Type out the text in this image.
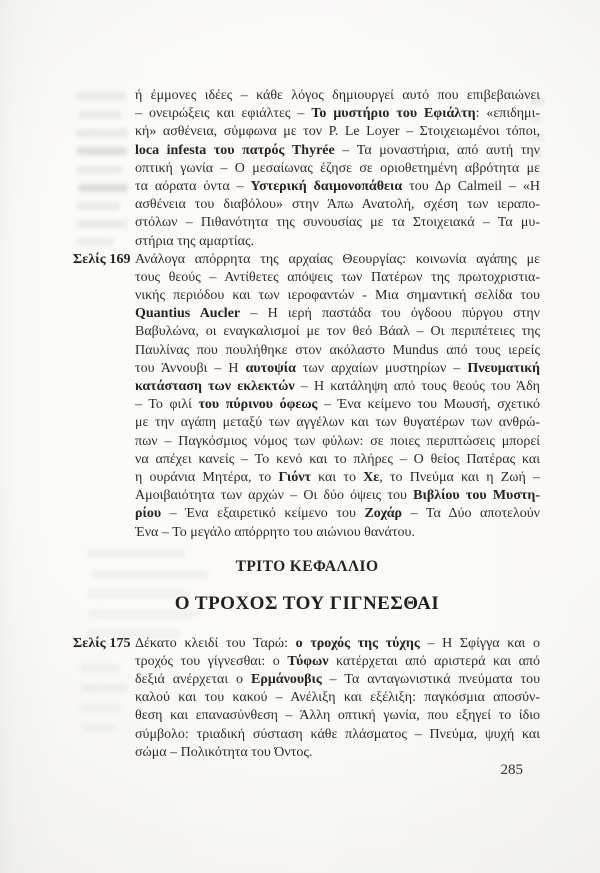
ή έμμονες ιδέες – κάθε λόγος δημιουργεί αυτό που επιβεβαιώνει
– ονειρώξεις και εφιάλτες – Το μυστήριο του Εφιάλτη: «επιδημι-
κή» ασθένεια, σύμφωνα με τον P. Le Loyer – Στοιχειωμένοι τόποι,
loca infesta του πατρός Thyrée – Τα μοναστήρια, από αυτή την
οπτική γωνία – Ο μεσαίωνας έζησε σε οριοθετημένη αβρότητα με
τα αόρατα όντα – Υστερική δαιμονοπάθεια του Δρ Calmeil – «Η
ασθένεια του διαβόλου» στην Άπω Ανατολή, σχέση των ιεραπο-
στόλων – Πιθανότητα της συνουσίας με τα Στοιχειακά – Τα μυ-
στήρια της αμαρτίας.
Σελίς 169 Ανάλογα απόρρητα της αρχαίας Θεουργίας: κοινωνία αγάπης με
τους θεούς – Αντίθετες απόψεις των Πατέρων της πρωτοχριστια-
νικής περιόδου και των ιεροφαντών - Μια σημαντική σελίδα του
Quantius Aucler – Η ιερή παστάδα του όγδοου πύργου στην
Βαβυλώνα, οι εναγκαλισμοί με τον θεό Βάαλ – Οι περιπέτειες της
Παυλίνας που πουλήθηκε στον ακόλαστο Mundus από τους ιερείς
του Άννουβι – Η αυτοψία των αρχαίων μυστηρίων – Πνευματική
κατάσταση των εκλεκτών – Η κατάληψη από τους θεούς του Άδη
– Το φιλί του πύρινου όφεως – Ένα κείμενο του Μωυσή, σχετικό
με την αγάπη μεταξύ των αγγέλων και των θυγατέρων των ανθρώ-
πων – Παγκόσμιος νόμος των φύλων: σε ποιες περιπτώσεις μπορεί
να απέχει κανείς – Το κενό και το πλήρες – Ο θείος Πατέρας και
η ουράνια Μητέρα, το Γιόντ και το Χε, το Πνεύμα και η Ζωή –
Αμοιβαιότητα των αρχών – Οι δύο όψεις του Βιβλίου του Μυστη-
ρίου – Ένα εξαιρετικό κείμενο του Ζοχάρ – Τα Δύο αποτελούν
Ένα – Το μεγάλο απόρρητο του αιώνιου θανάτου.
ΤΡΙΤΟ ΚΕΦΑΛΛΙΟ
Ο ΤΡΟΧΟΣ ΤΟΥ ΓΙΓΝΕΣΘΑΙ
Σελίς 175 Δέκατο κλειδί του Ταρώ: ο τροχός της τύχης – Η Σφίγγα και ο
τροχός του γίγνεσθαι: ο Τύφων κατέρχεται από αριστερά και από
δεξιά ανέρχεται ο Ερμάνουβις – Τα ανταγωνιστικά πνεύματα του
καλού και του κακού – Ανέλιξη και εξέλιξη: παγκόσμια αποσύν-
θεση και επανασύνθεση – Άλλη οπτική γωνία, που εξηγεί το ίδιο
σύμβολο: τριαδική σύσταση κάθε πλάσματος – Πνεύμα, ψυχή και
σώμα – Πολικότητα του Όντος.
285
